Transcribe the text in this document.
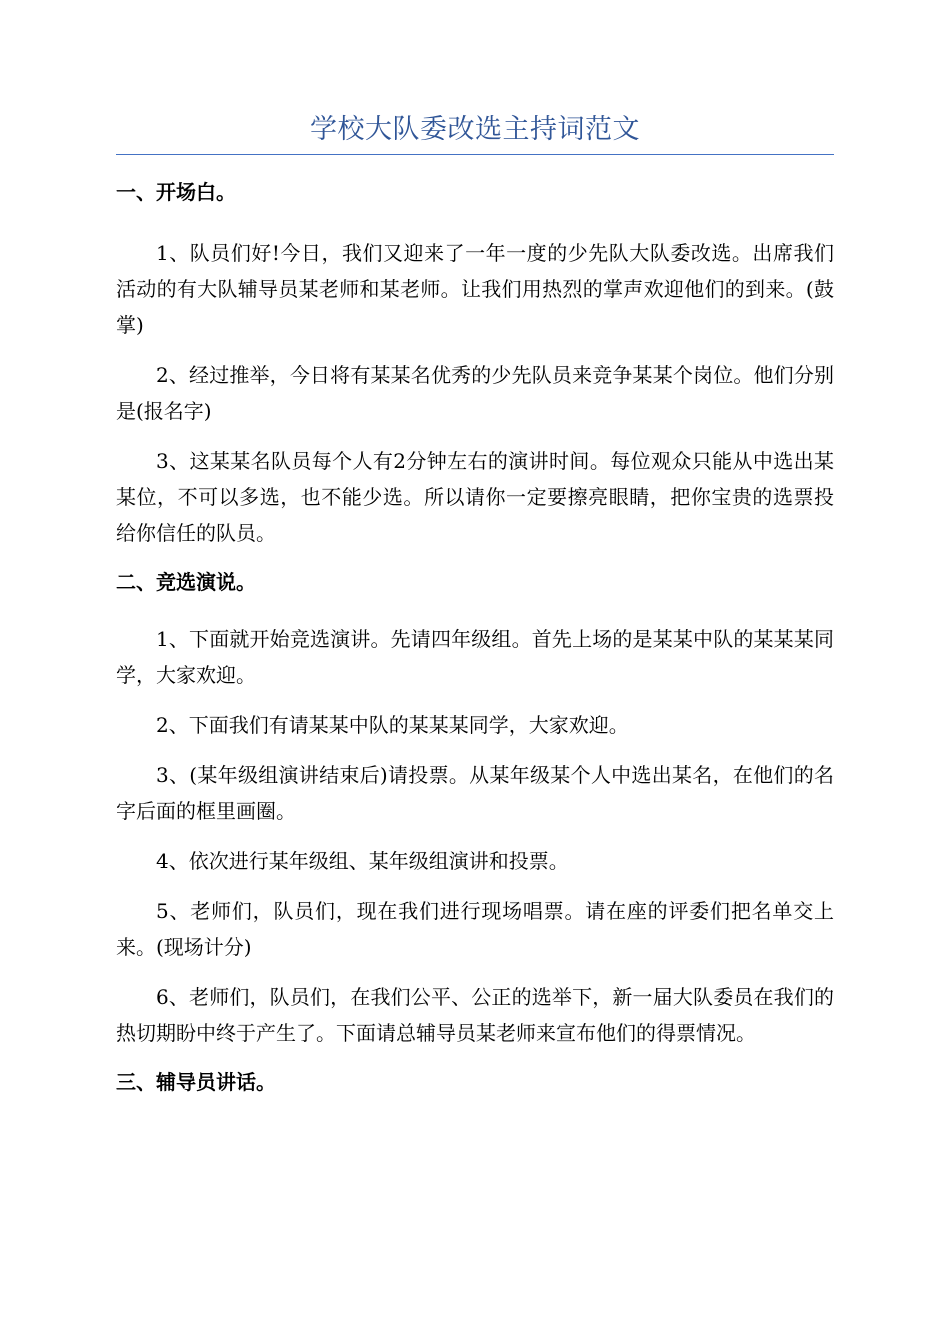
学校大队委改选主持词范文

一、开场白。

1、队员们好!今日，我们又迎来了一年一度的少先队大队委改选。出席我们活动的有大队辅导员某老师和某老师。让我们用热烈的掌声欢迎他们的到来。(鼓掌)

2、经过推举，今日将有某某名优秀的少先队员来竞争某某个岗位。他们分别是(报名字)

3、这某某名队员每个人有2分钟左右的演讲时间。每位观众只能从中选出某某位，不可以多选，也不能少选。所以请你一定要擦亮眼睛，把你宝贵的选票投给你信任的队员。

二、竞选演说。

1、下面就开始竞选演讲。先请四年级组。首先上场的是某某中队的某某某同学，大家欢迎。

2、下面我们有请某某中队的某某某同学，大家欢迎。

3、(某年级组演讲结束后)请投票。从某年级某个人中选出某名，在他们的名字后面的框里画圈。

4、依次进行某年级组、某年级组演讲和投票。

5、老师们，队员们，现在我们进行现场唱票。请在座的评委们把名单交上来。(现场计分)

6、老师们，队员们，在我们公平、公正的选举下，新一届大队委员在我们的热切期盼中终于产生了。下面请总辅导员某老师来宣布他们的得票情况。

三、辅导员讲话。
